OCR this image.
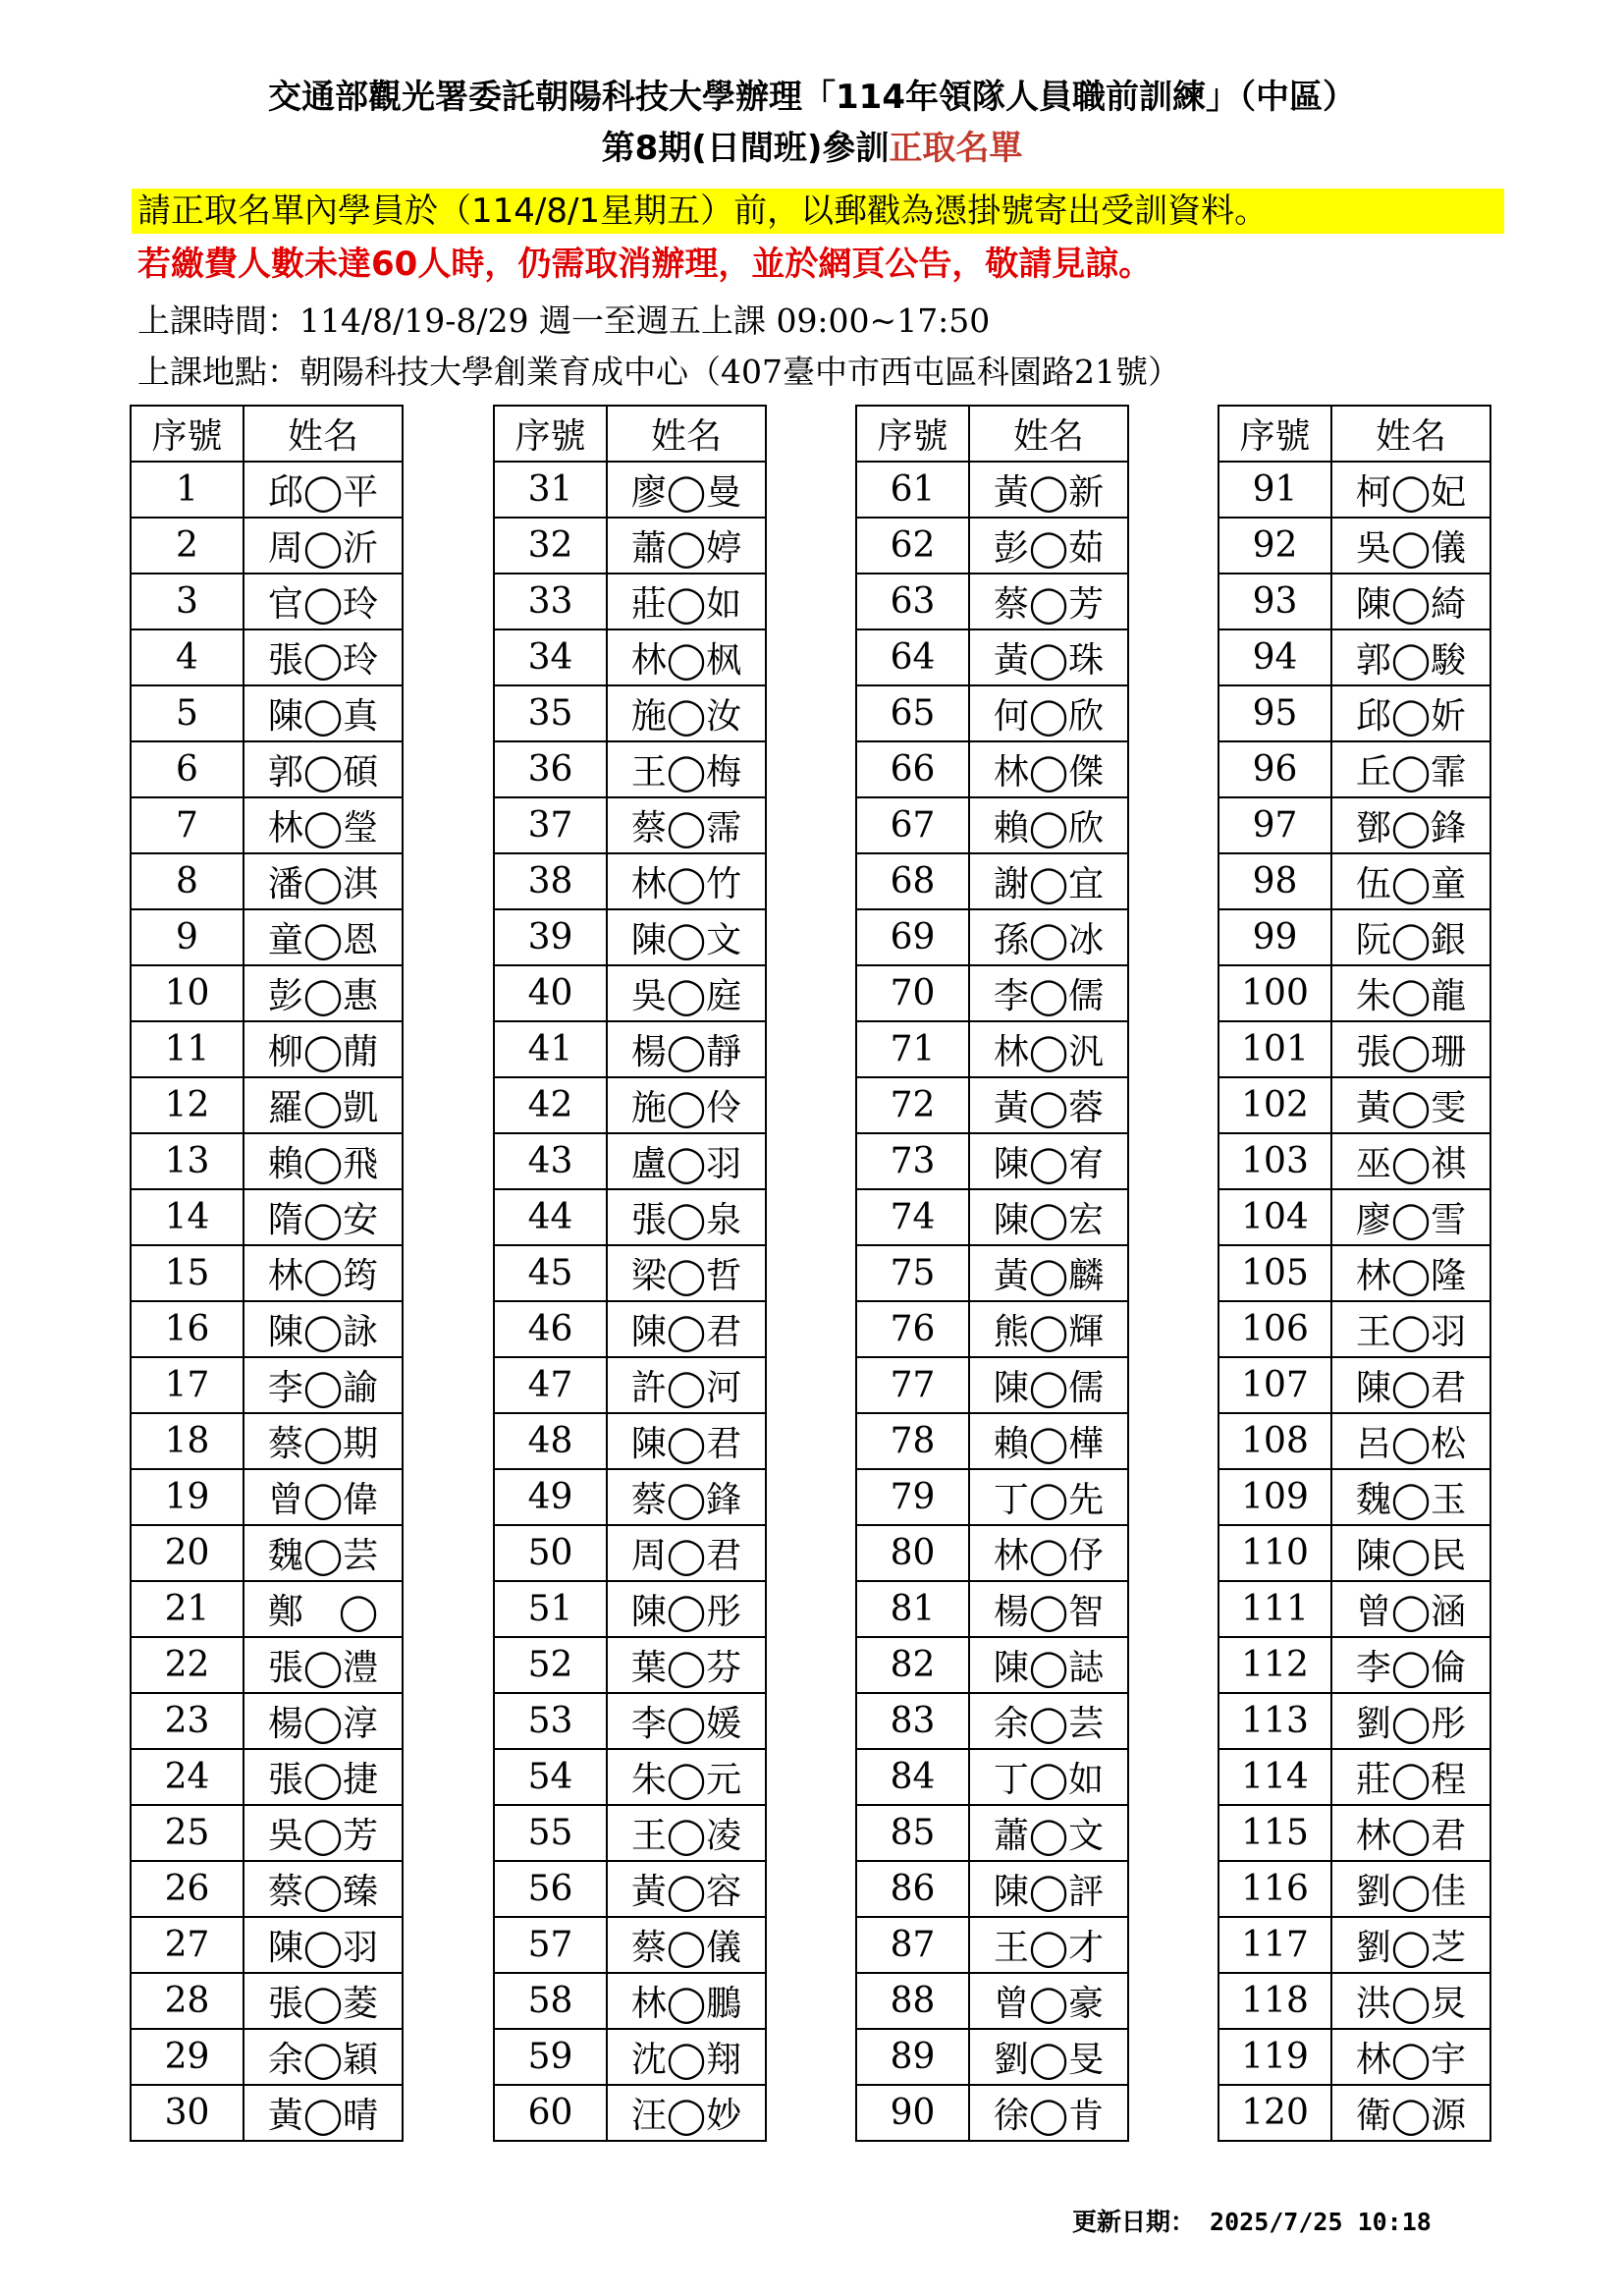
交通部觀光署委託朝陽科技大學辦理「114年領隊人員職前訓練」（中區）
第8期(日間班)參訓正取名單
請正取名單內學員於（114/8/1星期五）前，以郵戳為憑掛號寄出受訓資料。
若繳費人數未達60人時，仍需取消辦理，並於網頁公告，敬請見諒。
上課時間：114/8/19-8/29 週一至週五上課 09:00~17:50
上課地點：朝陽科技大學創業育成中心（407臺中市西屯區科園路21號）
序號	姓名
1	邱◯平
2	周◯沂
3	官◯玲
4	張◯玲
5	陳◯真
6	郭◯碩
7	林◯瑩
8	潘◯淇
9	童◯恩
10	彭◯惠
11	柳◯蕑
12	羅◯凱
13	賴◯飛
14	隋◯安
15	林◯筠
16	陳◯詠
17	李◯諭
18	蔡◯期
19	曾◯偉
20	魏◯芸
21	鄭　◯
22	張◯澧
23	楊◯淳
24	張◯捷
25	吳◯芳
26	蔡◯臻
27	陳◯羽
28	張◯菱
29	余◯穎
30	黃◯晴
序號	姓名
31	廖◯曼
32	蕭◯婷
33	莊◯如
34	林◯枫
35	施◯汝
36	王◯梅
37	蔡◯霈
38	林◯竹
39	陳◯文
40	吳◯庭
41	楊◯靜
42	施◯伶
43	盧◯羽
44	張◯泉
45	梁◯哲
46	陳◯君
47	許◯河
48	陳◯君
49	蔡◯鋒
50	周◯君
51	陳◯彤
52	葉◯芬
53	李◯媛
54	朱◯元
55	王◯凌
56	黃◯容
57	蔡◯儀
58	林◯鵬
59	沈◯翔
60	汪◯妙
序號	姓名
61	黃◯新
62	彭◯茹
63	蔡◯芳
64	黃◯珠
65	何◯欣
66	林◯傑
67	賴◯欣
68	謝◯宜
69	孫◯冰
70	李◯儒
71	林◯汎
72	黃◯蓉
73	陳◯宥
74	陳◯宏
75	黃◯麟
76	熊◯輝
77	陳◯儒
78	賴◯樺
79	丁◯先
80	林◯伃
81	楊◯智
82	陳◯誌
83	余◯芸
84	丁◯如
85	蕭◯文
86	陳◯評
87	王◯才
88	曾◯豪
89	劉◯旻
90	徐◯肯
序號	姓名
91	柯◯妃
92	吳◯儀
93	陳◯綺
94	郭◯駿
95	邱◯妡
96	丘◯霏
97	鄧◯鋒
98	伍◯童
99	阮◯銀
100	朱◯龍
101	張◯珊
102	黃◯雯
103	巫◯祺
104	廖◯雪
105	林◯隆
106	王◯羽
107	陳◯君
108	呂◯松
109	魏◯玉
110	陳◯民
111	曾◯涵
112	李◯倫
113	劉◯彤
114	莊◯程
115	林◯君
116	劉◯佳
117	劉◯芝
118	洪◯炅
119	林◯宇
120	衛◯源
更新日期： 2025/7/25 10:18
